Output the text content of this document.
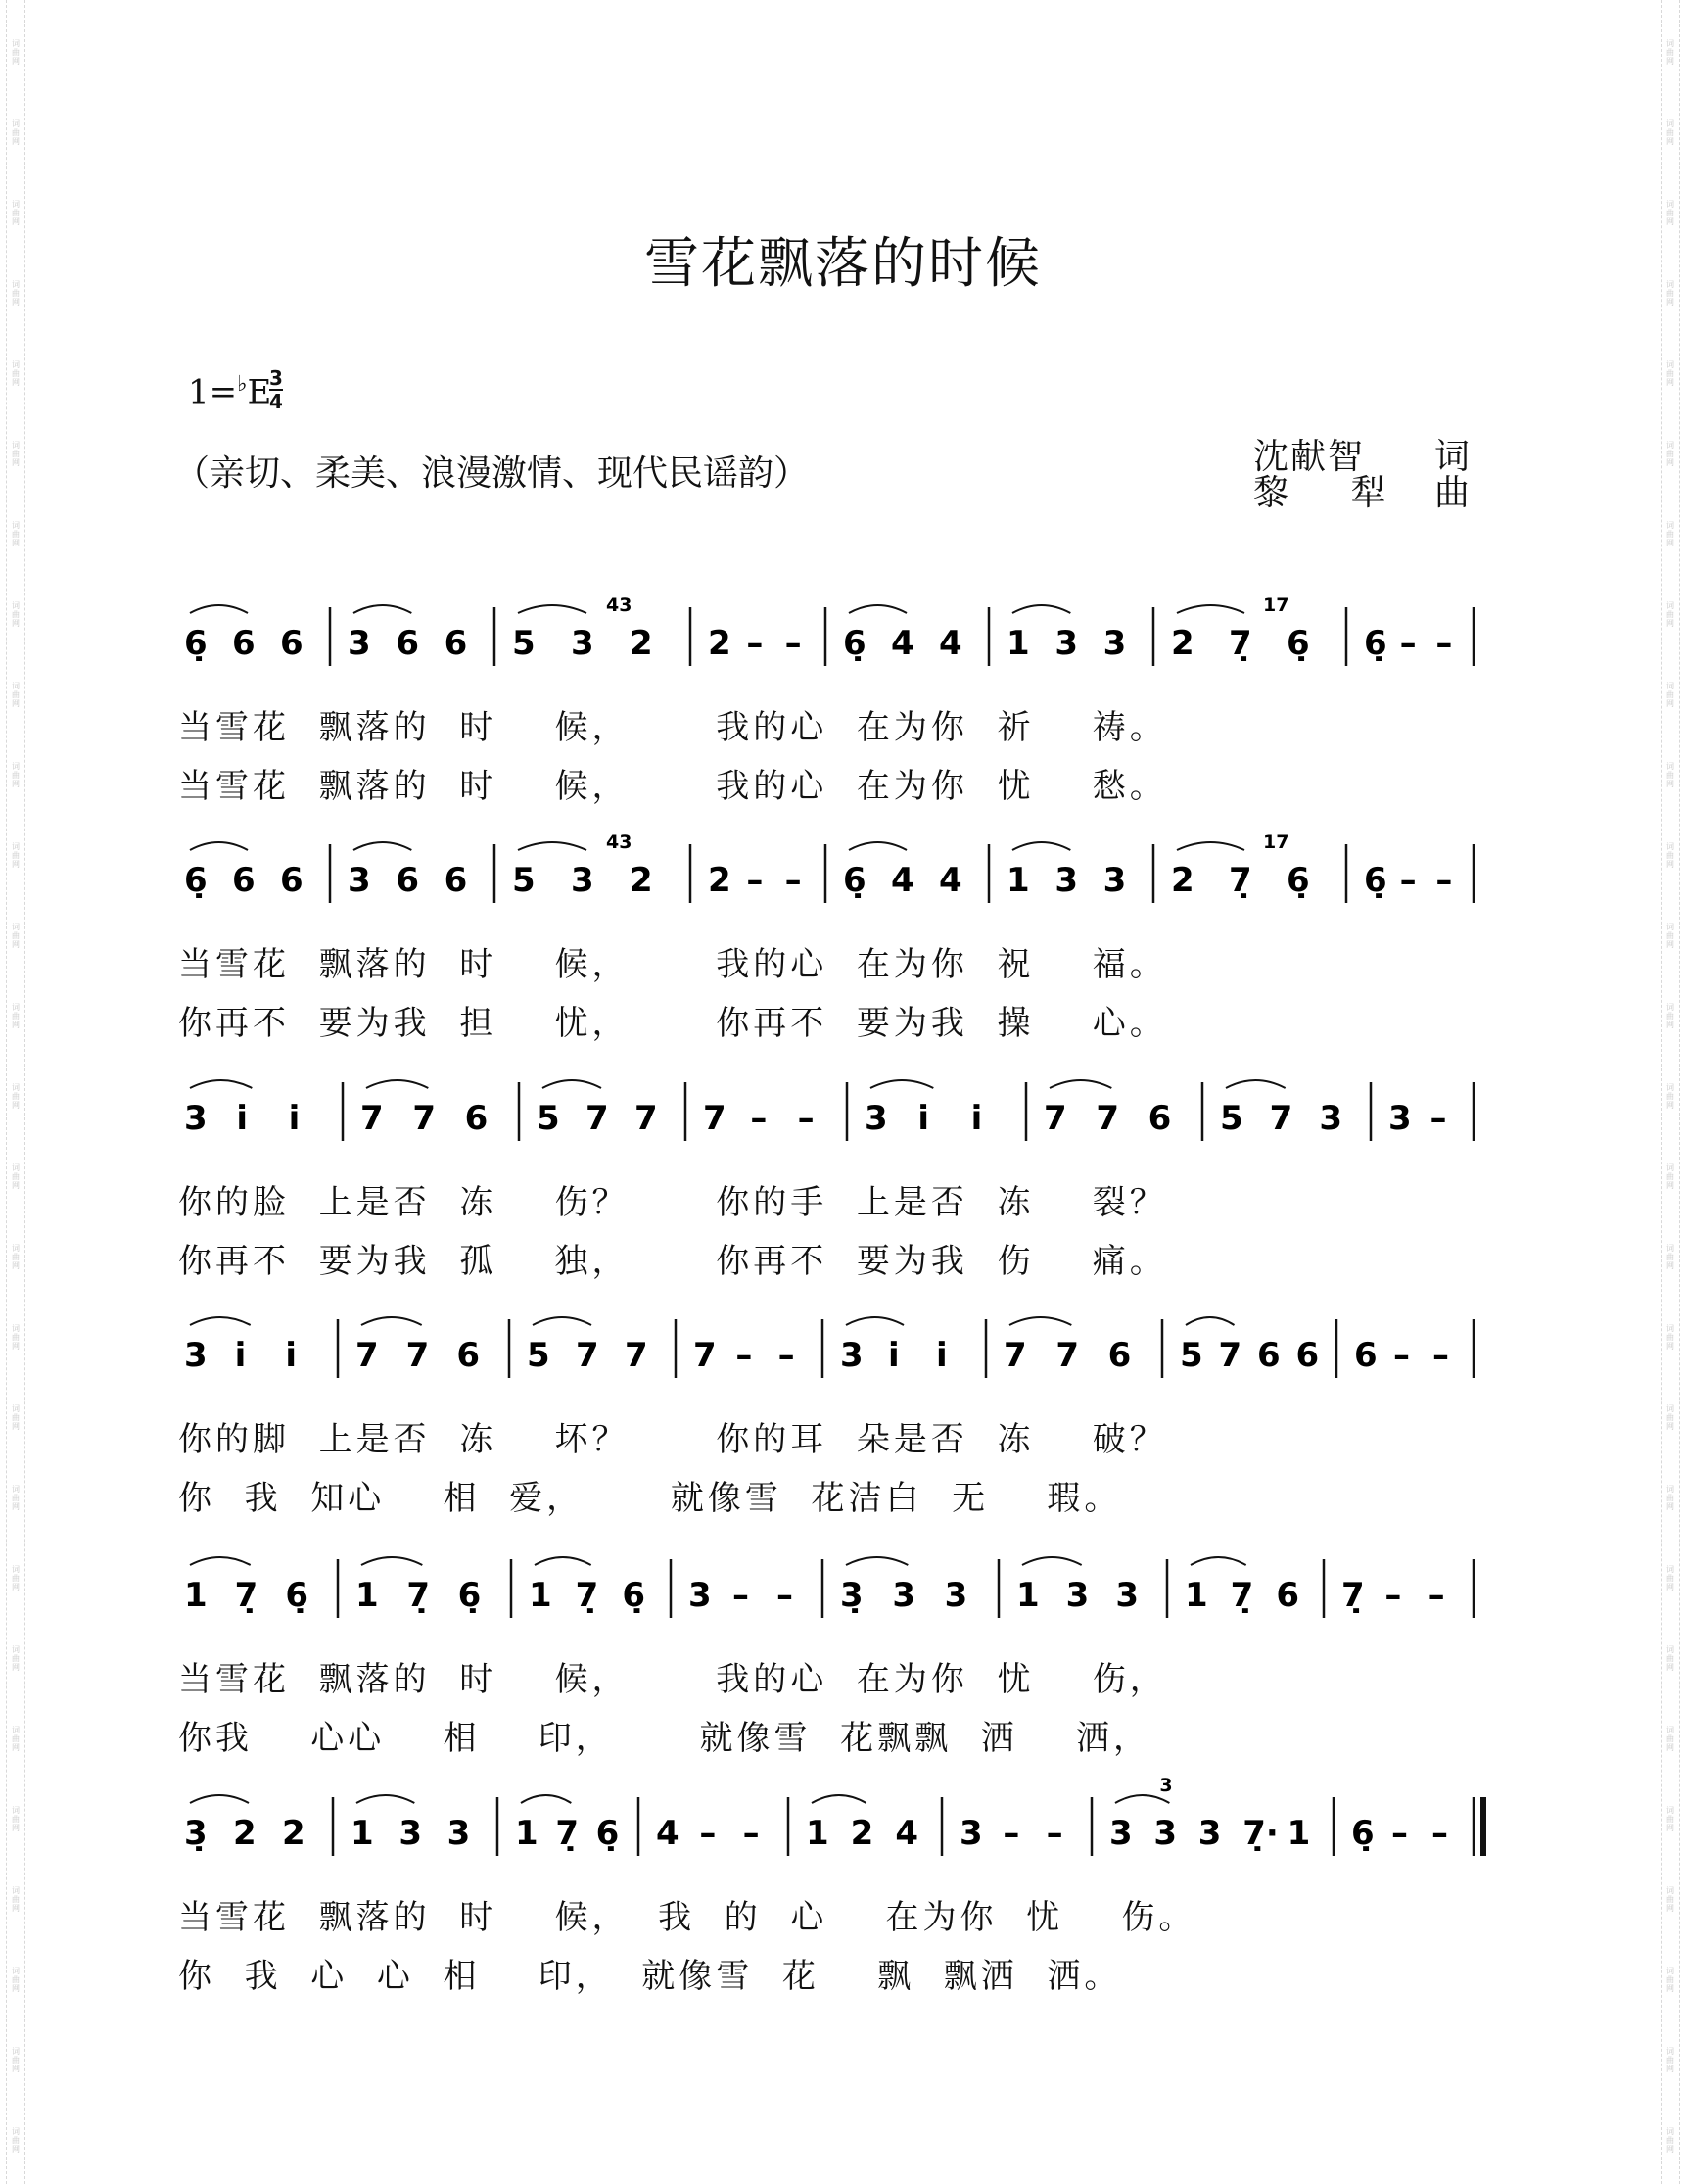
词
曲
网
词
曲
网
词
曲
网
词
曲
网
词
曲
网
词
曲
网
词
曲
网
词
曲
网
词
曲
网
词
曲
网
词
曲
网
词
曲
网
词
曲
网
词
曲
网
词
曲
网
词
曲
网
词
曲
网
词
曲
网
词
曲
网
词
曲
网
词
曲
网
词
曲
网
词
曲
网
词
曲
网
词
曲
网
词
曲
网
词
曲
网
词
曲
网
词
曲
网
词
曲
网
词
曲
网
词
曲
网
词
曲
网
词
曲
网
词
曲
网
词
曲
网
词
曲
网
词
曲
网
词
曲
网
词
曲
网
词
曲
网
词
曲
网
词
曲
网
词
曲
网
词
曲
网
词
曲
网
词
曲
网
词
曲
网
词
曲
网
词
曲
网
词
曲
网
词
曲
网
词
曲
网
词
曲
网
雪花飘落的时候
1=♭E
3
4
（亲切、柔美、浪漫激情、现代民谣韵）	沈献智 词
黎 犁 曲
6̣ 6 6 3 6 6 5 3 2 2 – – 6̣ 4 4 1 3 3 2 7̣ 6̣ 6̣ – –
43	17
当雪花  飘落的  时    候，      我的心  在为你  祈    祷。
当雪花  飘落的  时    候，      我的心  在为你  忧    愁。
6̣ 6 6 3 6 6 5 3 2 2 – – 6̣ 4 4 1 3 3 2 7̣ 6̣ 6̣ – –
43	17
当雪花  飘落的  时    候，      我的心  在为你  祝    福。
你再不  要为我  担    忧，      你再不  要为我  操    心。
3 i̇ i̇ 7 7 6 5 7 7 7 – – 3 i̇ i̇ 7 7 6 5 7 3 3 –
你的脸  上是否  冻    伤？      你的手  上是否  冻    裂？
你再不  要为我  孤    独，      你再不  要为我  伤    痛。
3 i̇ i̇ 7 7 6 5 7 7 7 – – 3 i̇ i̇ 7 7 6 5 7 6 6 6 – –
你的脚  上是否  冻    坏？      你的耳  朵是否  冻    破？
你  我  知心    相  爱，      就像雪  花洁白  无    瑕。
1 7̣ 6̣ 1 7̣ 6̣ 1 7̣ 6̣ 3 – – 3̣ 3 3 1 3 3 1 7̣ 6 7̣ – –
当雪花  飘落的  时    候，      我的心  在为你  忧    伤，
你我    心心    相    印，      就像雪  花飘飘  洒    洒，
3̣ 2 2 1 3 3 1 7̣ 6̣ 4 – – 1 2 4 3 – – 3 3 3 7̣· 1 6̣ – –
3
当雪花  飘落的  时    候，  我  的  心    在为你  忧    伤。
你  我  心  心  相    印，  就像雪  花    飘  飘洒  洒。
